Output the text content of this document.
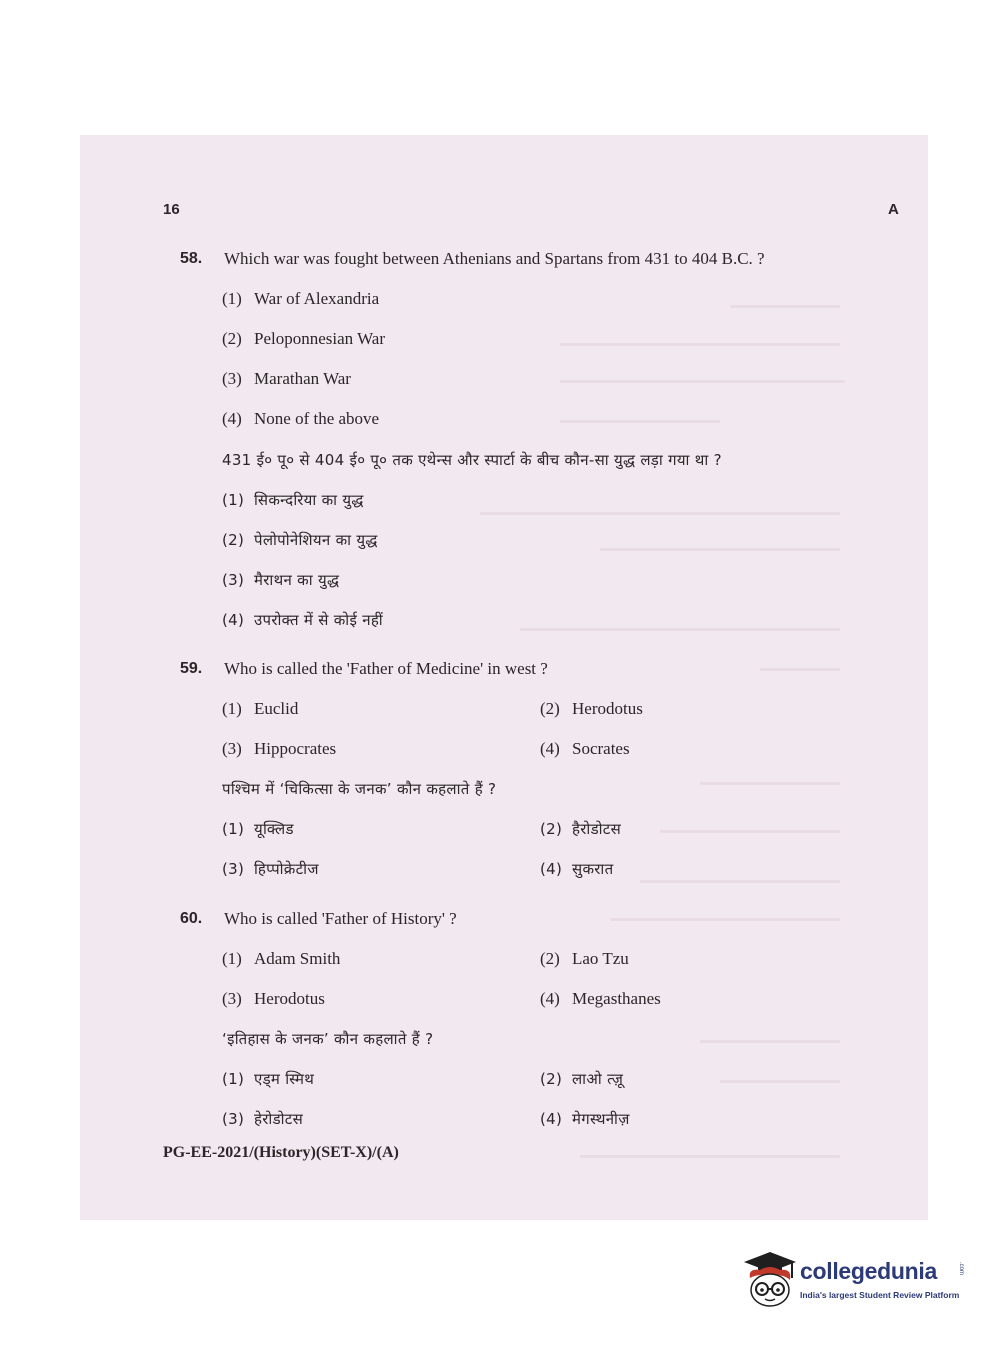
16	A
58. Which war was fought between Athenians and Spartans from 431 to 404 B.C. ?
(1) War of Alexandria
(2) Peloponnesian War
(3) Marathan War
(4) None of the above
431 ई० पू० से 404 ई० पू० तक एथेन्स और स्पार्टा के बीच कौन-सा युद्ध लड़ा गया था ?
(1) सिकन्दरिया का युद्ध
(2) पेलोपोनेशियन का युद्ध
(3) मैराथन का युद्ध
(4) उपरोक्त में से कोई नहीं
59. Who is called the 'Father of Medicine' in west ?
(1) Euclid	(2) Herodotus
(3) Hippocrates	(4) Socrates
पश्चिम में ‘चिकित्सा के जनक’ कौन कहलाते हैं ?
(1) यूक्लिड	(2) हैरोडोटस
(3) हिप्पोक्रेटीज	(4) सुकरात
60. Who is called 'Father of History' ?
(1) Adam Smith	(2) Lao Tzu
(3) Herodotus	(4) Megasthanes
‘इतिहास के जनक’ कौन कहलाते हैं ?
(1) एड्म स्मिथ	(2) लाओ त्ज़ू
(3) हेरोडोटस	(4) मेगस्थनीज़
PG-EE-2021/(History)(SET-X)/(A)
collegedunia	.com
India's largest Student Review Platform
